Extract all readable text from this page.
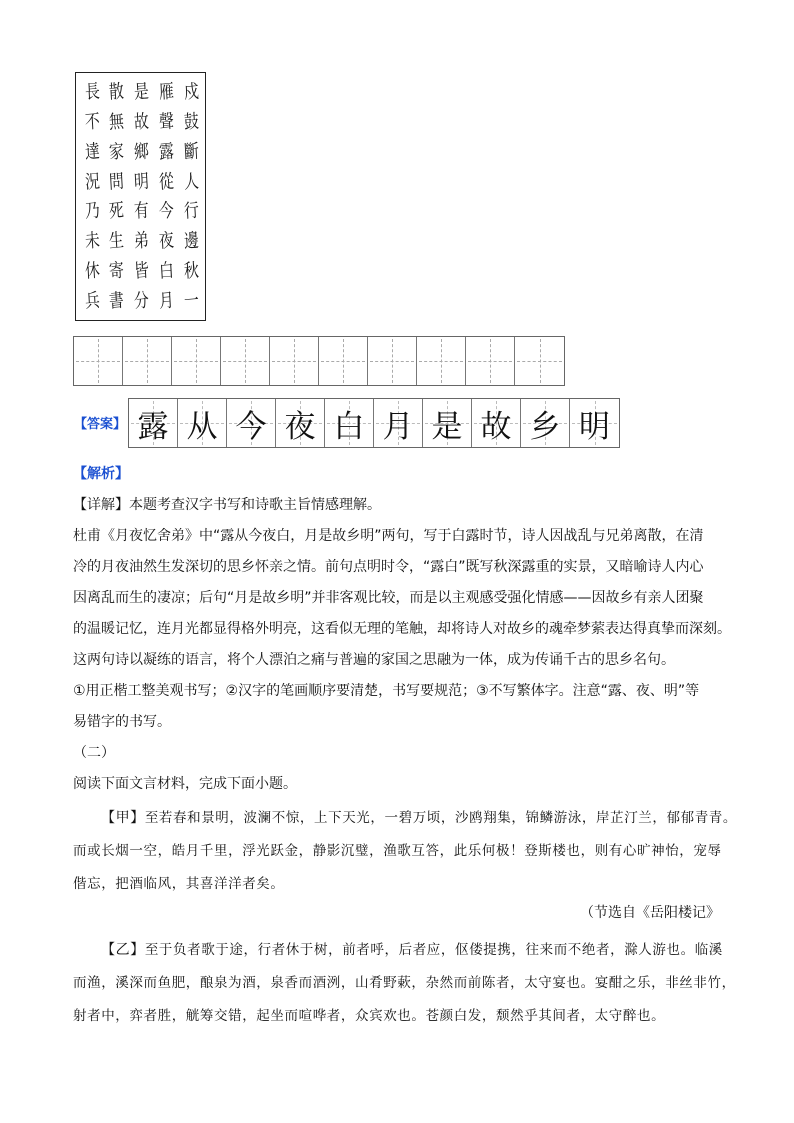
戍
鼓
斷
人
行
邊
秋
一
雁
聲
露
從
今
夜
白
月
是
故
鄉
明
有
弟
皆
分
散
無
家
問
死
生
寄
書
長
不
達
況
乃
未
休
兵
【答案】 露 从 今 夜 白 月 是 故 乡 明
【解析】
【详解】本题考查汉字书写和诗歌主旨情感理解。
杜甫《月夜忆舍弟》中“露从今夜白，月是故乡明”两句，写于白露时节，诗人因战乱与兄弟离散，在清
冷的月夜油然生发深切的思乡怀亲之情。前句点明时令，“露白”既写秋深露重的实景，又暗喻诗人内心
因离乱而生的凄凉；后句“月是故乡明”并非客观比较，而是以主观感受强化情感——因故乡有亲人团聚
的温暖记忆，连月光都显得格外明亮，这看似无理的笔触，却将诗人对故乡的魂牵梦萦表达得真挚而深刻。
这两句诗以凝练的语言，将个人漂泊之痛与普遍的家国之思融为一体，成为传诵千古的思乡名句。
①用正楷工整美观书写；②汉字的笔画顺序要清楚，书写要规范；③不写繁体字。注意“露、夜、明”等
易错字的书写。
（二）
阅读下面文言材料，完成下面小题。
【甲】至若春和景明，波澜不惊，上下天光，一碧万顷，沙鸥翔集，锦鳞游泳，岸芷汀兰，郁郁青青。
而或长烟一空，皓月千里，浮光跃金，静影沉璧，渔歌互答，此乐何极！登斯楼也，则有心旷神怡，宠辱
偕忘，把酒临风，其喜洋洋者矣。
（节选自《岳阳楼记》
【乙】至于负者歌于途，行者休于树，前者呼，后者应，伛偻提携，往来而不绝者，滁人游也。临溪
而渔，溪深而鱼肥，酿泉为酒，泉香而酒洌，山肴野蔌，杂然而前陈者，太守宴也。宴酣之乐，非丝非竹，
射者中，弈者胜，觥筹交错，起坐而喧哗者，众宾欢也。苍颜白发，颓然乎其间者，太守醉也。
